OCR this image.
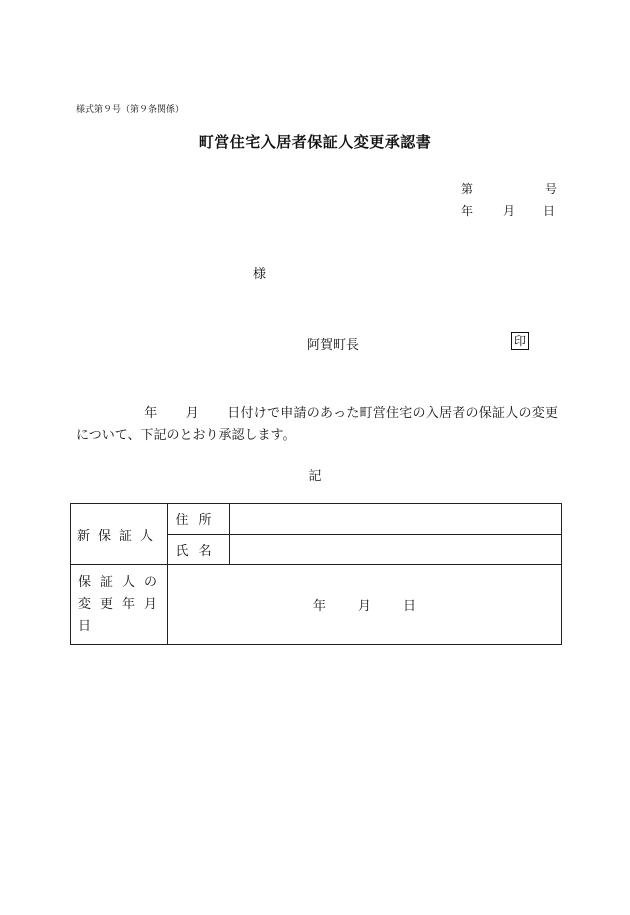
様式第９号（第９条関係）
町営住宅入居者保証人変更承認書
第	号
年	月 日
様
阿賀町長	印
年 月 日付けで申請のあった町営住宅の入居者の保証人の変更について、下記のとおり承認します。
記
新保証人	住所	
	氏名	

保証人の
変更年月日	年 月 日	
